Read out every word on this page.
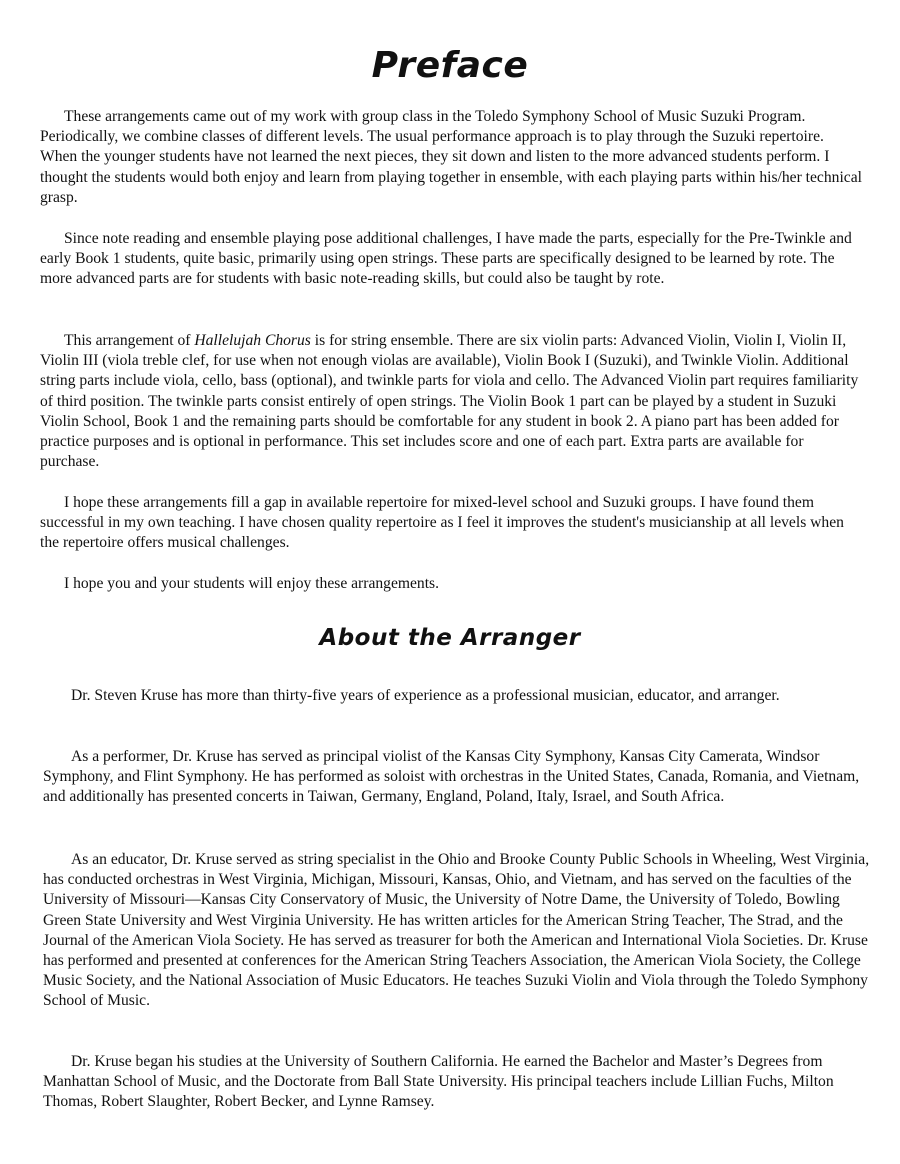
Preface

These arrangements came out of my work with group class in the Toledo Symphony School of Music Suzuki Program. Periodically, we combine classes of different levels. The usual performance approach is to play through the Suzuki repertoire. When the younger students have not learned the next pieces, they sit down and listen to the more advanced students perform. I thought the students would both enjoy and learn from playing together in ensemble, with each playing parts within his/her technical grasp.

Since note reading and ensemble playing pose additional challenges, I have made the parts, especially for the Pre-Twinkle and early Book 1 students, quite basic, primarily using open strings. These parts are specifically designed to be learned by rote. The more advanced parts are for students with basic note-reading skills, but could also be taught by rote.

This arrangement of Hallelujah Chorus is for string ensemble. There are six violin parts: Advanced Violin, Violin I, Violin II, Violin III (viola treble clef, for use when not enough violas are available), Violin Book I (Suzuki), and Twinkle Violin. Additional string parts include viola, cello, bass (optional), and twinkle parts for viola and cello. The Advanced Violin part requires familiarity of third position. The twinkle parts consist entirely of open strings. The Violin Book 1 part can be played by a student in Suzuki Violin School, Book 1 and the remaining parts should be comfortable for any student in book 2. A piano part has been added for practice purposes and is optional in performance. This set includes score and one of each part. Extra parts are available for purchase.

I hope these arrangements fill a gap in available repertoire for mixed-level school and Suzuki groups. I have found them successful in my own teaching. I have chosen quality repertoire as I feel it improves the student's musicianship at all levels when the repertoire offers musical challenges.

I hope you and your students will enjoy these arrangements.

About the Arranger

Dr. Steven Kruse has more than thirty-five years of experience as a professional musician, educator, and arranger.

As a performer, Dr. Kruse has served as principal violist of the Kansas City Symphony, Kansas City Camerata, Windsor Symphony, and Flint Symphony. He has performed as soloist with orchestras in the United States, Canada, Romania, and Vietnam, and additionally has presented concerts in Taiwan, Germany, England, Poland, Italy, Israel, and South Africa.

As an educator, Dr. Kruse served as string specialist in the Ohio and Brooke County Public Schools in Wheeling, West Virginia, has conducted orchestras in West Virginia, Michigan, Missouri, Kansas, Ohio, and Vietnam, and has served on the faculties of the University of Missouri—Kansas City Conservatory of Music, the University of Notre Dame, the University of Toledo, Bowling Green State University and West Virginia University. He has written articles for the American String Teacher, The Strad, and the Journal of the American Viola Society. He has served as treasurer for both the American and International Viola Societies. Dr. Kruse has performed and presented at conferences for the American String Teachers Association, the American Viola Society, the College Music Society, and the National Association of Music Educators. He teaches Suzuki Violin and Viola through the Toledo Symphony School of Music.

Dr. Kruse began his studies at the University of Southern California. He earned the Bachelor and Master’s Degrees from Manhattan School of Music, and the Doctorate from Ball State University. His principal teachers include Lillian Fuchs, Milton Thomas, Robert Slaughter, Robert Becker, and Lynne Ramsey.
